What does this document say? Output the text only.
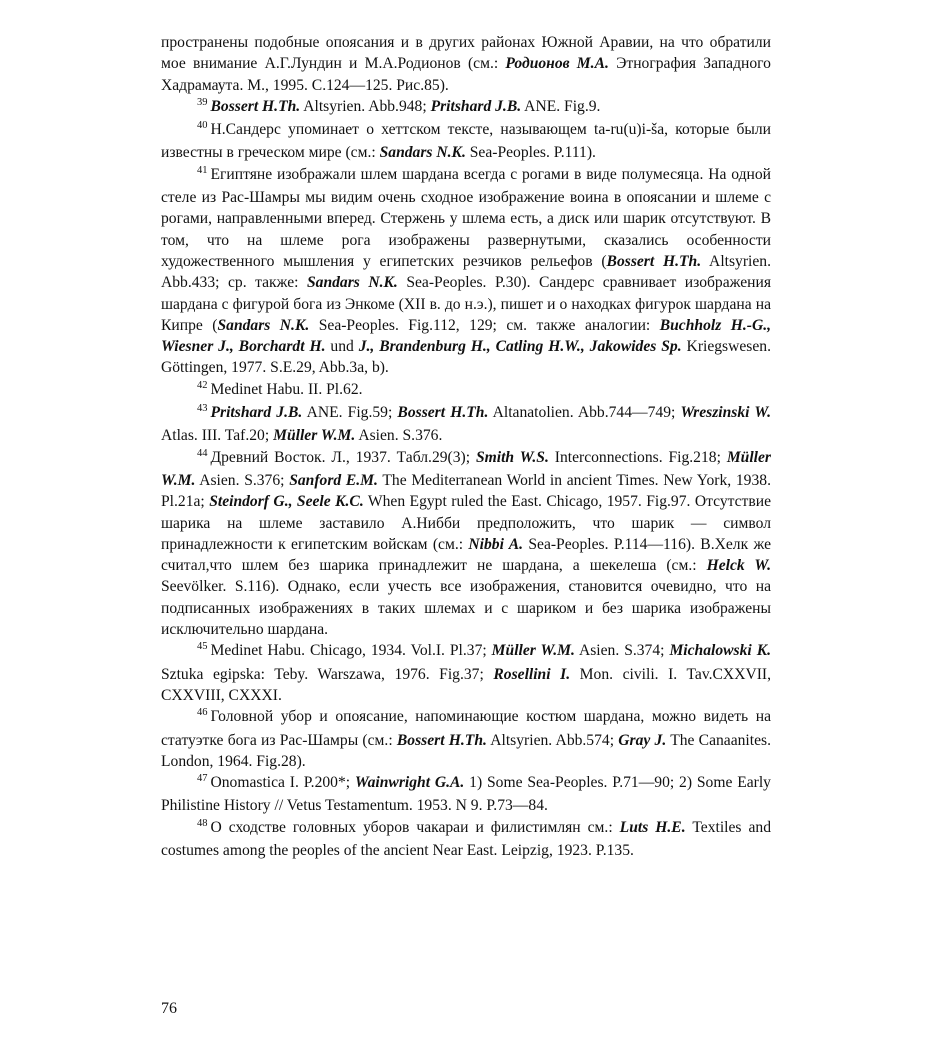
пространены подобные опоясания и в других районах Южной Аравии, на что обратили мое внимание А.Г.Лундин и М.А.Родионов (см.: Родионов М.А. Этнография Западного Хадрамаута. М., 1995. С.124—125. Рис.85).

$^{39}$ Bossert H.Th. Altsyrien. Abb.948; Pritshard J.B. ANE. Fig.9.

$^{40}$ Н.Сандерс упоминает о хеттском тексте, называющем ta-ru(u)i-ša, которые были известны в греческом мире (см.: Sandars N.K. Sea-Peoples. P.111).

$^{41}$ Египтяне изображали шлем шардана всегда с рогами в виде полумесяца. На одной стеле из Рас-Шамры мы видим очень сходное изображение воина в опоясании и шлеме с рогами, направленными вперед. Стержень у шлема есть, а диск или шарик отсутствуют. В том, что на шлеме рога изображены развернутыми, сказались особенности художественного мышления у египетских резчиков рельефов (Bossert H.Th. Altsyrien. Abb.433; ср. также: Sandars N.K. Sea-Peoples. P.30). Сандерс сравнивает изображения шардана с фигурой бога из Энкоме (XII в. до н.э.), пишет и о находках фигурок шардана на Кипре (Sandars N.K. Sea-Peoples. Fig.112, 129; см. также аналогии: Buchholz H.-G., Wiesner J., Borchardt H. und J., Brandenburg H., Catling H.W., Jakowides Sp. Kriegswesen. Göttingen, 1977. S.E.29, Abb.3a, b).

$^{42}$ Medinet Habu. II. Pl.62.

$^{43}$ Pritshard J.B. ANE. Fig.59; Bossert H.Th. Altanatolien. Abb.744—749; Wreszinski W. Atlas. III. Taf.20; Müller W.M. Asien. S.376.

$^{44}$ Древний Восток. Л., 1937. Табл.29(3); Smith W.S. Interconnections. Fig.218; Müller W.M. Asien. S.376; Sanford E.M. The Mediterranean World in ancient Times. New York, 1938. Pl.21a; Steindorf G., Seele K.C. When Egypt ruled the East. Chicago, 1957. Fig.97. Отсутствие шарика на шлеме заставило А.Нибби предположить, что шарик — символ принадлежности к египетским войскам (см.: Nibbi A. Sea-Peoples. P.114—116). В.Хелк же считал,что шлем без шарика принадлежит не шардана, а шекелеша (см.: Helck W. Seevölker. S.116). Однако, если учесть все изображения, становится очевидно, что на подписанных изображениях в таких шлемах и с шариком и без шарика изображены исключительно шардана.

$^{45}$ Medinet Habu. Chicago, 1934. Vol.I. Pl.37; Müller W.M. Asien. S.374; Michalowski K. Sztuka egipska: Teby. Warszawa, 1976. Fig.37; Rosellini I. Mon. civili. I. Tav.CXXVII, CXXVIII, CXXXI.

$^{46}$ Головной убор и опоясание, напоминающие костюм шардана, можно видеть на статуэтке бога из Рас-Шамры (см.: Bossert H.Th. Altsyrien. Abb.574; Gray J. The Canaanites. London, 1964. Fig.28).

$^{47}$ Onomastica I. P.200*; Wainwright G.A. 1) Some Sea-Peoples. P.71—90; 2) Some Early Philistine History // Vetus Testamentum. 1953. N 9. P.73—84.

$^{48}$ О сходстве головных уборов чакараи и филистимлян см.: Luts H.E. Textiles and costumes among the peoples of the ancient Near East. Leipzig, 1923. P.135.

76
